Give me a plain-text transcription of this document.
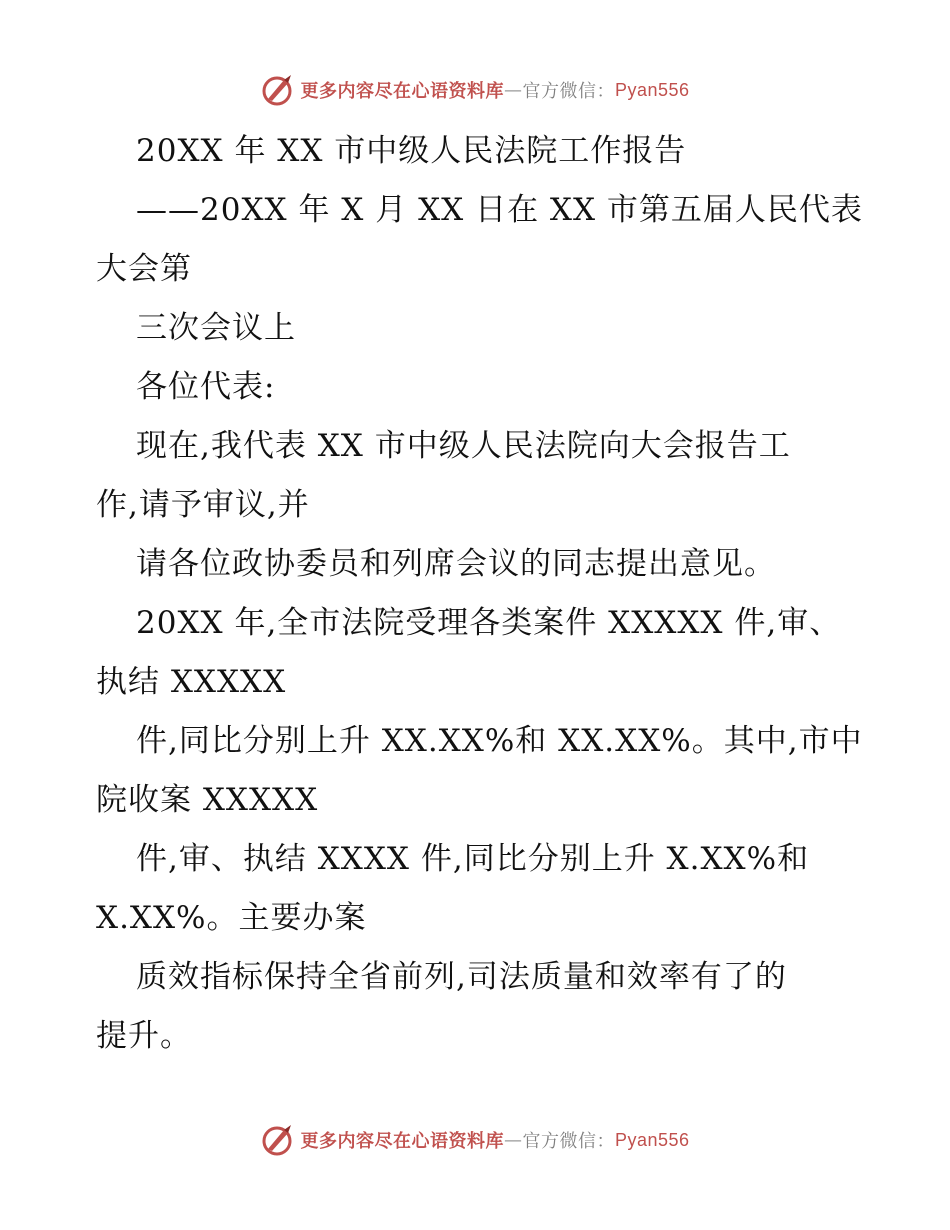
更多内容尽在心语资料库 — 官方微信： Pyan556
20XX 年 XX 市中级人民法院工作报告
——20XX 年 X 月 XX 日在 XX 市第五届人民代表
大会第
三次会议上
各位代表:
现在,我代表 XX 市中级人民法院向大会报告工
作,请予审议,并
请各位政协委员和列席会议的同志提出意见。
20XX 年,全市法院受理各类案件 XXXXX 件,审、
执结 XXXXX
件,同比分别上升 XX.XX%和 XX.XX%。其中,市中
院收案 XXXXX
件,审、执结 XXXX 件,同比分别上升 X.XX%和
X.XX%。主要办案
质效指标保持全省前列,司法质量和效率有了的
提升。
更多内容尽在心语资料库 — 官方微信： Pyan556
